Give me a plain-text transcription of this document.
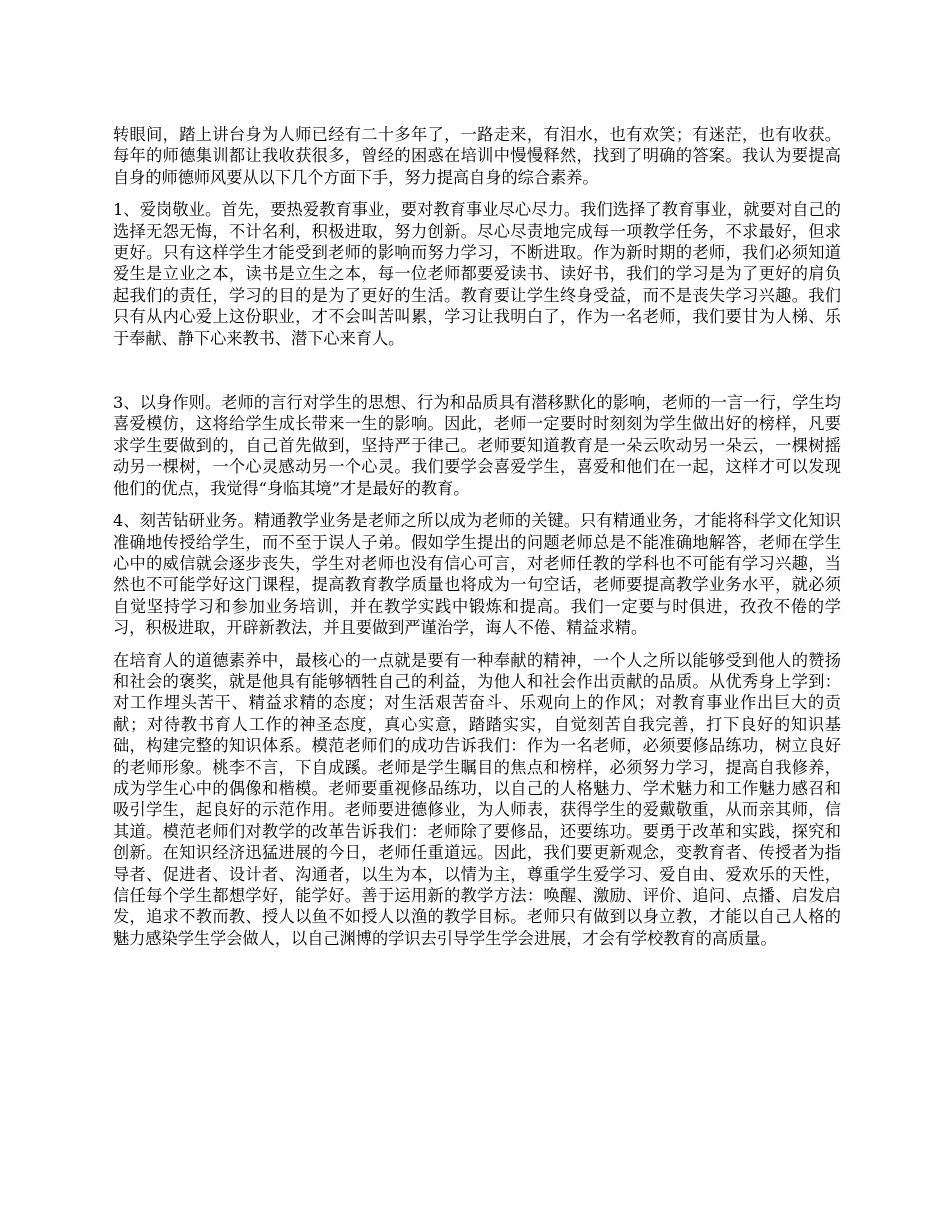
转眼间，踏上讲台身为人师已经有二十多年了，一路走来，有泪水，也有欢笑；有迷茫，也有收获。每年的师德集训都让我收获很多，曾经的困惑在培训中慢慢释然，找到了明确的答案。我认为要提高自身的师德师风要从以下几个方面下手，努力提高自身的综合素养。

1、爱岗敬业。首先，要热爱教育事业，要对教育事业尽心尽力。我们选择了教育事业，就要对自己的选择无怨无悔，不计名利，积极进取，努力创新。尽心尽责地完成每一项教学任务，不求最好，但求更好。只有这样学生才能受到老师的影响而努力学习，不断进取。作为新时期的老师，我们必须知道爱生是立业之本，读书是立生之本，每一位老师都要爱读书、读好书，我们的学习是为了更好的肩负起我们的责任，学习的目的是为了更好的生活。教育要让学生终身受益，而不是丧失学习兴趣。我们只有从内心爱上这份职业，才不会叫苦叫累，学习让我明白了，作为一名老师，我们要甘为人梯、乐于奉献、静下心来教书、潜下心来育人。

3、以身作则。老师的言行对学生的思想、行为和品质具有潜移默化的影响，老师的一言一行，学生均喜爱模仿，这将给学生成长带来一生的影响。因此，老师一定要时时刻刻为学生做出好的榜样，凡要求学生要做到的，自己首先做到，坚持严于律己。老师要知道教育是一朵云吹动另一朵云，一棵树摇动另一棵树，一个心灵感动另一个心灵。我们要学会喜爱学生，喜爱和他们在一起，这样才可以发现他们的优点，我觉得“身临其境”才是最好的教育。

4、刻苦钻研业务。精通教学业务是老师之所以成为老师的关键。只有精通业务，才能将科学文化知识准确地传授给学生，而不至于误人子弟。假如学生提出的问题老师总是不能准确地解答，老师在学生心中的威信就会逐步丧失，学生对老师也没有信心可言，对老师任教的学科也不可能有学习兴趣，当然也不可能学好这门课程，提高教育教学质量也将成为一句空话，老师要提高教学业务水平，就必须自觉坚持学习和参加业务培训，并在教学实践中锻炼和提高。我们一定要与时俱进，孜孜不倦的学习，积极进取，开辟新教法，并且要做到严谨治学，诲人不倦、精益求精。

在培育人的道德素养中，最核心的一点就是要有一种奉献的精神，一个人之所以能够受到他人的赞扬和社会的褒奖，就是他具有能够牺牲自己的利益，为他人和社会作出贡献的品质。从优秀身上学到：对工作埋头苦干、精益求精的态度；对生活艰苦奋斗、乐观向上的作风；对教育事业作出巨大的贡献；对待教书育人工作的神圣态度，真心实意，踏踏实实，自觉刻苦自我完善，打下良好的知识基础，构建完整的知识体系。模范老师们的成功告诉我们：作为一名老师，必须要修品练功，树立良好的老师形象。桃李不言，下自成蹊。老师是学生瞩目的焦点和榜样，必须努力学习，提高自我修养，成为学生心中的偶像和楷模。老师要重视修品练功，以自己的人格魅力、学术魅力和工作魅力感召和吸引学生，起良好的示范作用。老师要进德修业，为人师表，获得学生的爱戴敬重，从而亲其师，信其道。模范老师们对教学的改革告诉我们：老师除了要修品，还要练功。要勇于改革和实践，探究和创新。在知识经济迅猛进展的今日，老师任重道远。因此，我们要更新观念，变教育者、传授者为指导者、促进者、设计者、沟通者，以生为本，以情为主，尊重学生爱学习、爱自由、爱欢乐的天性，信任每个学生都想学好，能学好。善于运用新的教学方法：唤醒、激励、评价、追问、点播、启发启发，追求不教而教、授人以鱼不如授人以渔的教学目标。老师只有做到以身立教，才能以自己人格的魅力感染学生学会做人，以自己渊博的学识去引导学生学会进展，才会有学校教育的高质量。
